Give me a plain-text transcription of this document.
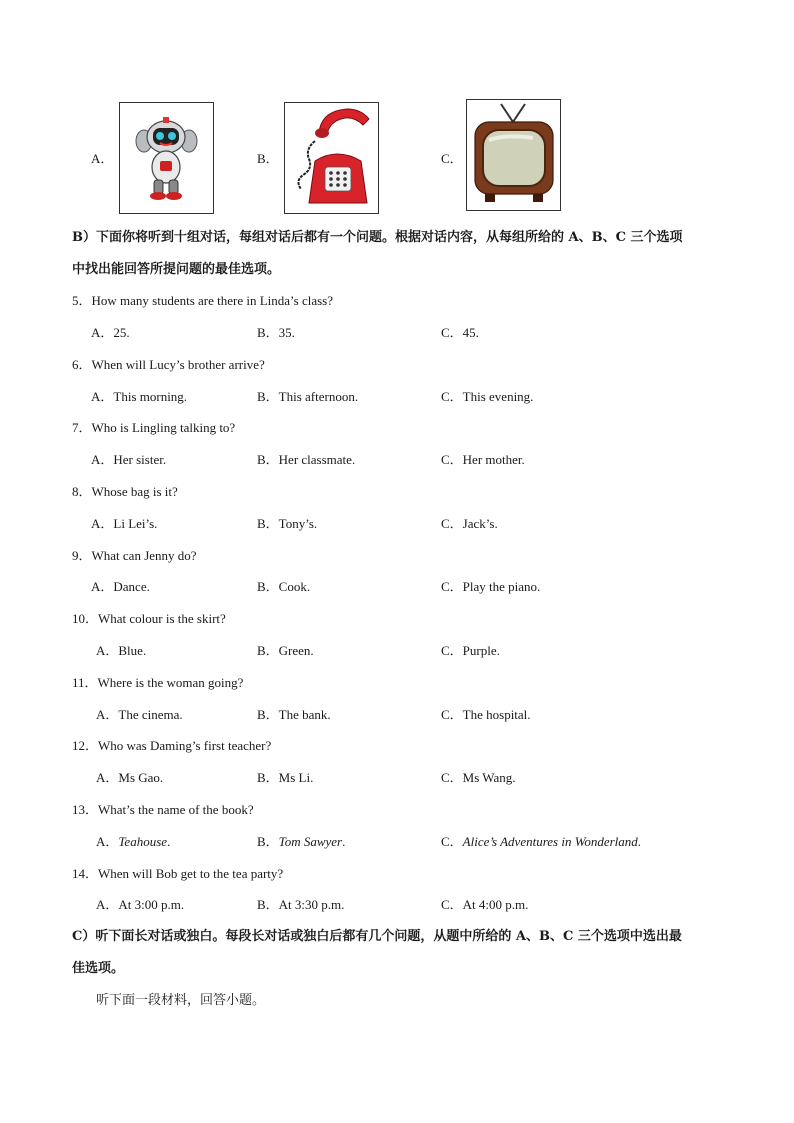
A．	B．	C．
B）下面你将听到十组对话，每组对话后都有一个问题。根据对话内容，从每组所给的 A、B、C 三个选项
中找出能回答所提问题的最佳选项。
5．How many students are there in Linda’s class?
A．25.	B．35.	C．45.
6．When will Lucy’s brother arrive?
A．This morning.	B．This afternoon.	C．This evening.
7．Who is Lingling talking to?
A．Her sister.	B．Her classmate.	C．Her mother.
8．Whose bag is it?
A．Li Lei’s.	B．Tony’s.	C．Jack’s.
9．What can Jenny do?
A．Dance.	B．Cook.	C．Play the piano.
10．What colour is the skirt?
A．Blue.	B．Green.	C．Purple.
11．Where is the woman going?
A．The cinema.	B．The bank.	C．The hospital.
12．Who was Daming’s first teacher?
A．Ms Gao.	B．Ms Li.	C．Ms Wang.
13．What’s the name of the book?
A．Teahouse.	B．Tom Sawyer.	C．Alice’s Adventures in Wonderland.
14．When will Bob get to the tea party?
A．At 3:00 p.m.	B．At 3:30 p.m.	C．At 4:00 p.m.
C）听下面长对话或独白。每段长对话或独白后都有几个问题，从题中所给的 A、B、C 三个选项中选出最
佳选项。
听下面一段材料，回答小题。
